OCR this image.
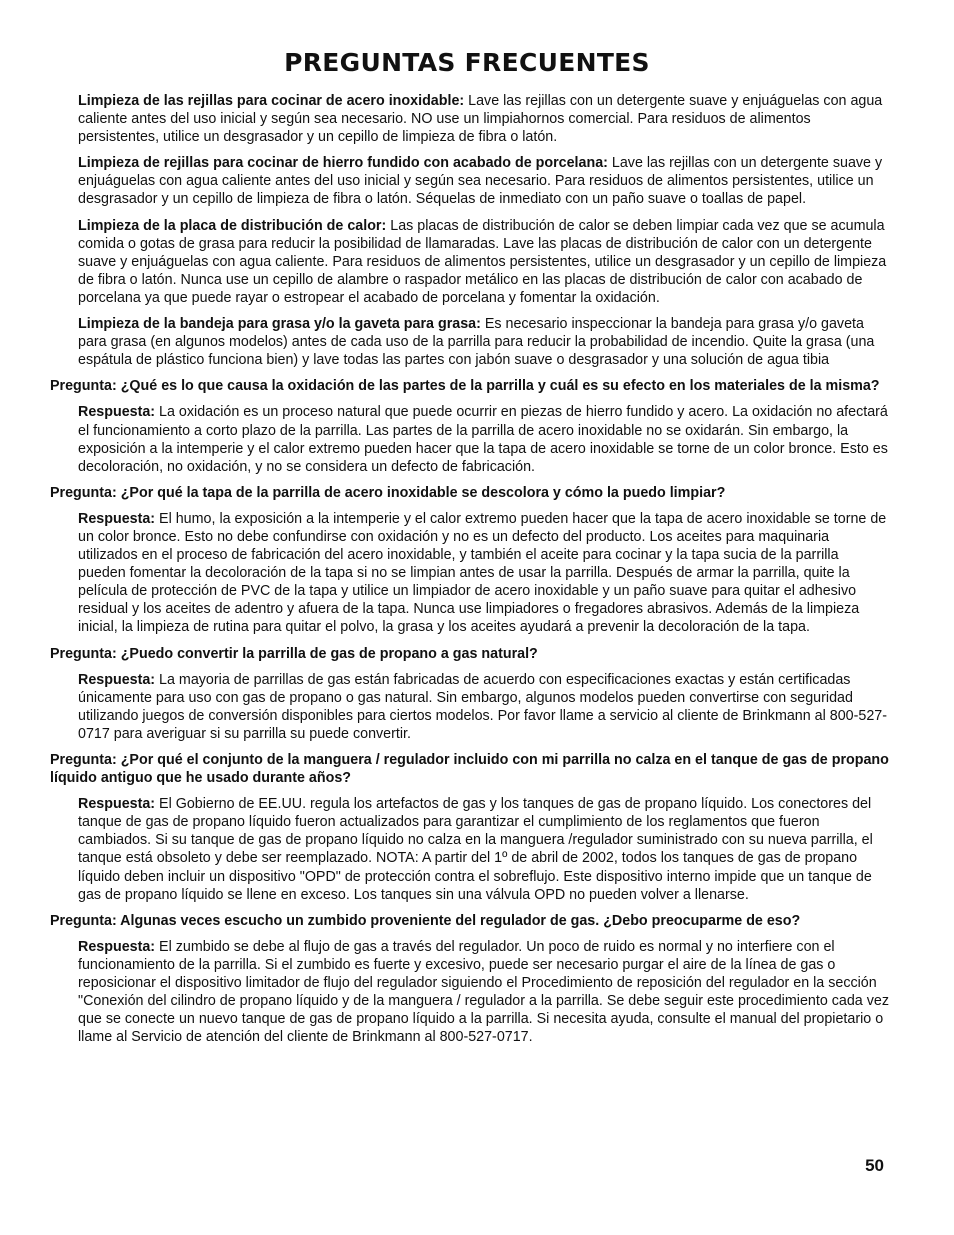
PREGUNTAS FRECUENTES

Limpieza de las rejillas para cocinar de acero inoxidable: Lave las rejillas con un detergente suave y enjuáguelas con agua caliente antes del uso inicial y según sea necesario. NO use un limpiahornos comercial. Para residuos de alimentos persistentes, utilice un desgrasador y un cepillo de limpieza de fibra o latón.

Limpieza de rejillas para cocinar de hierro fundido con acabado de porcelana: Lave las rejillas con un detergente suave y enjuáguelas con agua caliente antes del uso inicial y según sea necesario. Para residuos de alimentos persistentes, utilice un desgrasador y un cepillo de limpieza de fibra o latón. Séquelas de inmediato con un paño suave o toallas de papel.

Limpieza de la placa de distribución de calor: Las placas de distribución de calor se deben limpiar cada vez que se acumula comida o gotas de grasa para reducir la posibilidad de llamaradas. Lave las placas de distribución de calor con un detergente suave y enjuáguelas con agua caliente. Para residuos de alimentos persistentes, utilice un desgrasador y un cepillo de limpieza de fibra o latón. Nunca use un cepillo de alambre o raspador metálico en las placas de distribución de calor con acabado de porcelana ya que puede rayar o estropear el acabado de porcelana y fomentar la oxidación.

Limpieza de la bandeja para grasa y/o la gaveta para grasa: Es necesario inspeccionar la bandeja para grasa y/o gaveta para grasa (en algunos modelos) antes de cada uso de la parrilla para reducir la probabilidad de incendio. Quite la grasa (una espátula de plástico funciona bien) y lave todas las partes con jabón suave o desgrasador y una solución de agua tibia

Pregunta: ¿Qué es lo que causa la oxidación de las partes de la parrilla y cuál es su efecto en los materiales de la misma?

Respuesta: La oxidación es un proceso natural que puede ocurrir en piezas de hierro fundido y acero. La oxidación no afectará el funcionamiento a corto plazo de la parrilla. Las partes de la parrilla de acero inoxidable no se oxidarán. Sin embargo, la exposición a la intemperie y el calor extremo pueden hacer que la tapa de acero inoxidable se torne de un color bronce. Esto es decoloración, no oxidación, y no se considera un defecto de fabricación.

Pregunta: ¿Por qué la tapa de la parrilla de acero inoxidable se descolora y cómo la puedo limpiar?

Respuesta: El humo, la exposición a la intemperie y el calor extremo pueden hacer que la tapa de acero inoxidable se torne de un color bronce. Esto no debe confundirse con oxidación y no es un defecto del producto. Los aceites para maquinaria utilizados en el proceso de fabricación del acero inoxidable, y también el aceite para cocinar y la tapa sucia de la parrilla pueden fomentar la decoloración de la tapa si no se limpian antes de usar la parrilla. Después de armar la parrilla, quite la película de protección de PVC de la tapa y utilice un limpiador de acero inoxidable y un paño suave para quitar el adhesivo residual y los aceites de adentro y afuera de la tapa. Nunca use limpiadores o fregadores abrasivos. Además de la limpieza inicial, la limpieza de rutina para quitar el polvo, la grasa y los aceites ayudará a prevenir la decoloración de la tapa.

Pregunta: ¿Puedo convertir la parrilla de gas de propano a gas natural?

Respuesta: La mayoria de parrillas de gas están fabricadas de acuerdo con especificaciones exactas y están certificadas únicamente para uso con gas de propano o gas natural. Sin embargo, algunos modelos pueden convertirse con seguridad utilizando juegos de conversión disponibles para ciertos modelos. Por favor llame a servicio al cliente de Brinkmann al 800-527-0717 para averiguar si su parrilla su puede convertir.

Pregunta: ¿Por qué el conjunto de la manguera / regulador incluido con mi parrilla no calza en el tanque de gas de propano líquido antiguo que he usado durante años?

Respuesta: El Gobierno de EE.UU. regula los artefactos de gas y los tanques de gas de propano líquido. Los conectores del tanque de gas de propano líquido fueron actualizados para garantizar el cumplimiento de los reglamentos que fueron cambiados. Si su tanque de gas de propano líquido no calza en la manguera /regulador suministrado con su nueva parrilla, el tanque está obsoleto y debe ser reemplazado. NOTA: A partir del 1º de abril de 2002, todos los tanques de gas de propano líquido deben incluir un dispositivo "OPD" de protección contra el sobreflujo. Este dispositivo interno impide que un tanque de gas de propano líquido se llene en exceso. Los tanques sin una válvula OPD no pueden volver a llenarse.

Pregunta: Algunas veces escucho un zumbido proveniente del regulador de gas. ¿Debo preocuparme de eso?

Respuesta: El zumbido se debe al flujo de gas a través del regulador. Un poco de ruido es normal y no interfiere con el funcionamiento de la parrilla. Si el zumbido es fuerte y excesivo, puede ser necesario purgar el aire de la línea de gas o reposicionar el dispositivo limitador de flujo del regulador siguiendo el Procedimiento de reposición del regulador en la sección "Conexión del cilindro de propano líquido y de la manguera / regulador a la parrilla. Se debe seguir este procedimiento cada vez que se conecte un nuevo tanque de gas de propano líquido a la parrilla. Si necesita ayuda, consulte el manual del propietario o llame al Servicio de atención del cliente de Brinkmann al 800-527-0717.

50
